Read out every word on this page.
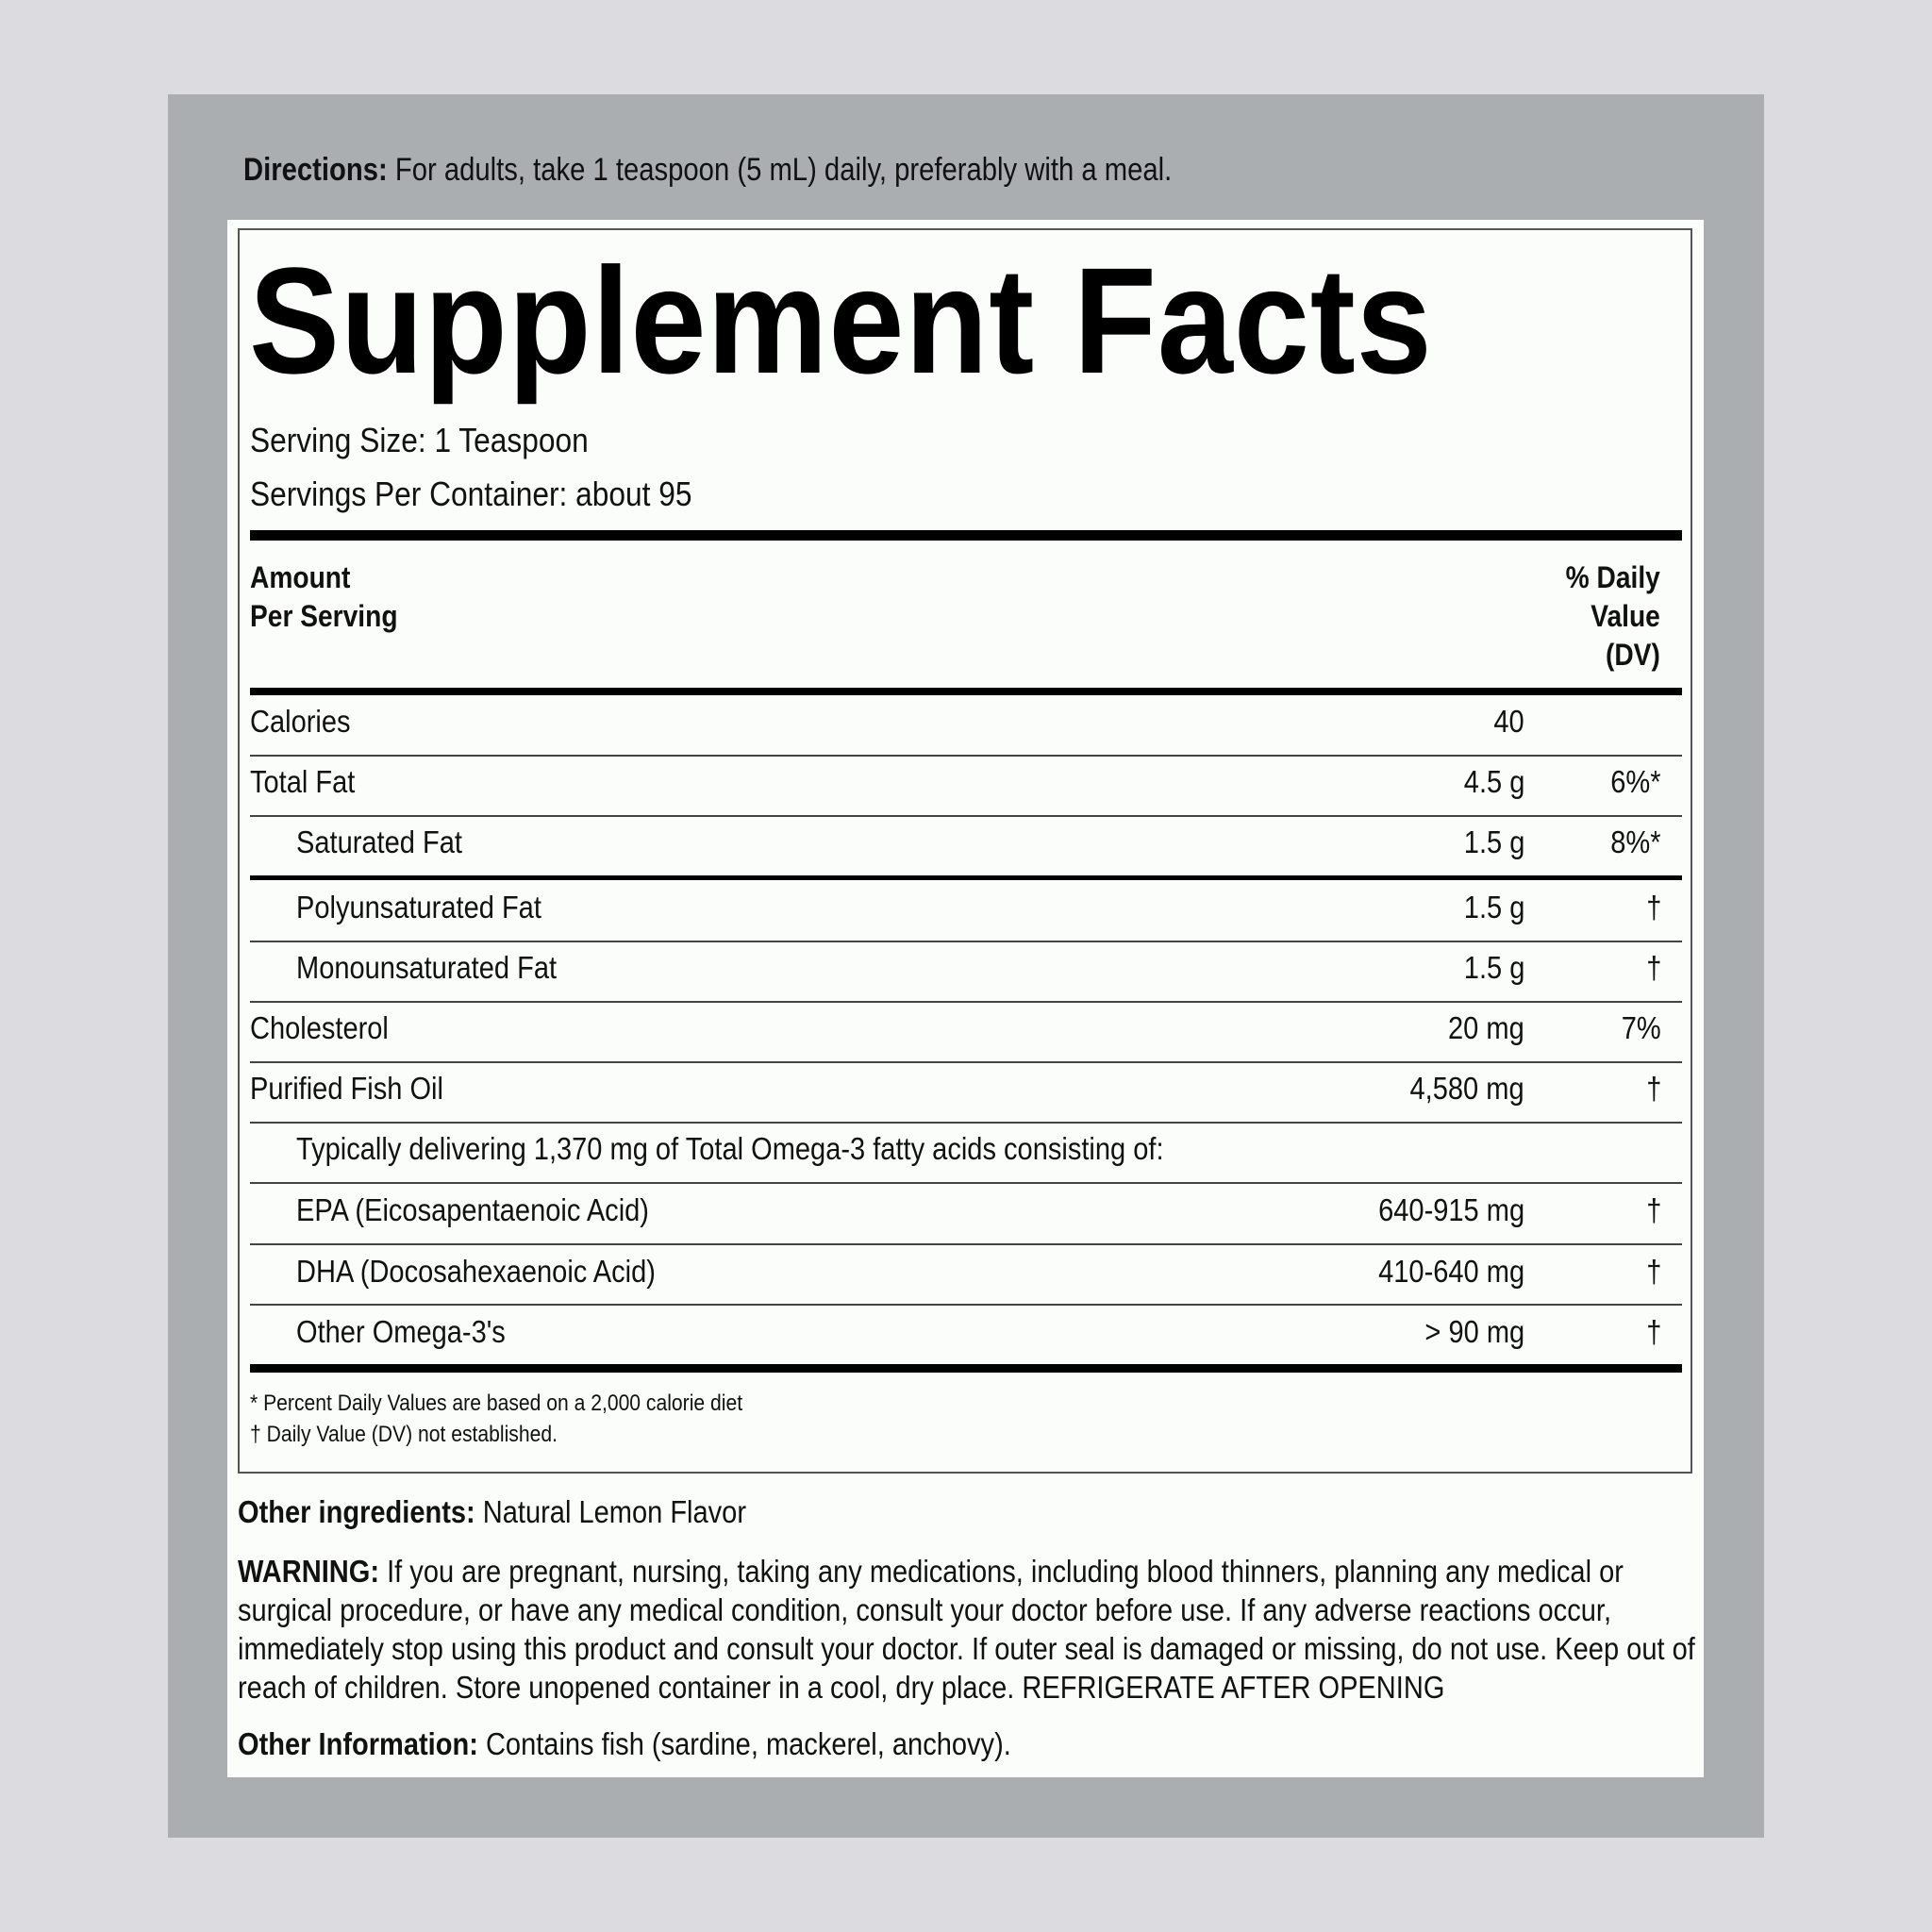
Directions: For adults, take 1 teaspoon (5 mL) daily, preferably with a meal.
Supplement Facts
Serving Size: 1 Teaspoon
Servings Per Container: about 95
Amount
Per Serving
% Daily
Value
(DV)
Calories	40
Total Fat	4.5 g	6%*
Saturated Fat	1.5 g	8%*
Polyunsaturated Fat	1.5 g	†
Monounsaturated Fat	1.5 g	†
Cholesterol	20 mg	7%
Purified Fish Oil	4,580 mg	†
Typically delivering 1,370 mg of Total Omega-3 fatty acids consisting of:
EPA (Eicosapentaenoic Acid)	640-915 mg	†
DHA (Docosahexaenoic Acid)	410-640 mg	†
Other Omega-3's	> 90 mg	†
* Percent Daily Values are based on a 2,000 calorie diet
† Daily Value (DV) not established.
Other ingredients: Natural Lemon Flavor
WARNING: If you are pregnant, nursing, taking any medications, including blood thinners, planning any medical or surgical procedure, or have any medical condition, consult your doctor before use. If any adverse reactions occur, immediately stop using this product and consult your doctor. If outer seal is damaged or missing, do not use. Keep out of reach of children. Store unopened container in a cool, dry place. REFRIGERATE AFTER OPENING
Other Information: Contains fish (sardine, mackerel, anchovy).
